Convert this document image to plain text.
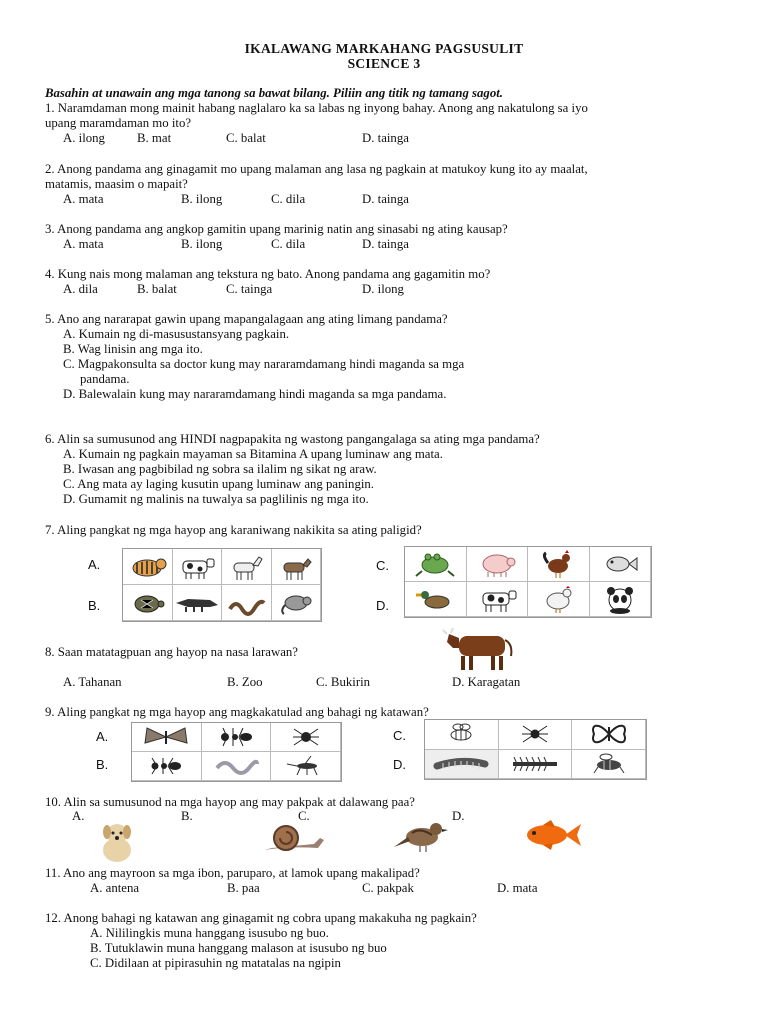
IKALAWANG MARKAHANG PAGSUSULIT
SCIENCE 3
Basahin at unawain ang mga tanong sa bawat bilang. Piliin ang titik ng tamang sagot.
1. Naramdaman mong mainit habang naglalaro ka sa labas ng inyong bahay. Anong ang nakatulong sa iyo
upang maramdaman mo ito?
A. ilong	B. mat	C. balat	D. tainga
2. Anong pandama ang ginagamit mo upang malaman ang lasa ng pagkain at matukoy kung ito ay maalat,
matamis, maasim o mapait?
A. mata	B. ilong	C. dila	D. tainga
3. Anong pandama ang angkop gamitin upang marinig natin ang sinasabi ng ating kausap?
A. mata	B. ilong	C. dila	D. tainga
4. Kung nais mong malaman ang tekstura ng bato. Anong pandama ang gagamitin mo?
A. dila	B. balat	C. tainga	D. ilong
5. Ano ang nararapat gawin upang mapangalagaan ang ating limang pandama?
A. Kumain ng di-masusustansyang pagkain.
B. Wag linisin ang mga ito.
C. Magpakonsulta sa doctor kung may nararamdamang hindi maganda sa mga
pandama.
D. Balewalain kung may nararamdamang hindi maganda sa mga pandama.
6. Alin sa sumusunod ang HINDI nagpapakita ng wastong pangangalaga sa ating mga pandama?
A. Kumain ng pagkain mayaman sa Bitamina A upang luminaw ang mata.
B. Iwasan ang pagbibilad ng sobra sa ilalim ng sikat ng araw.
C. Ang mata ay laging kusutin upang luminaw ang paningin.
D. Gumamit ng malinis na tuwalya sa paglilinis ng mga ito.
7. Aling pangkat ng mga hayop ang karaniwang nakikita sa ating paligid?
A.
B.
C.
D.
8. Saan matatagpuan ang hayop na nasa larawan?
A. Tahanan	B. Zoo	C. Bukirin	D. Karagatan
9. Aling pangkat ng mga hayop ang magkakatulad ang bahagi ng katawan?
A.
B.
C.
D.
10. Alin sa sumusunod na mga hayop ang may pakpak at dalawang paa?
A.	B.	C.	D.
11. Ano ang mayroon sa mga ibon, paruparo, at lamok upang makalipad?
A. antena	B. paa	C. pakpak	D. mata
12. Anong bahagi ng katawan ang ginagamit ng cobra upang makakuha ng pagkain?
A. Nililingkis muna hanggang isusubo ng buo.
B. Tutuklawin muna hanggang malason at isusubo ng buo
C. Didilaan at pipirasuhin ng matatalas na ngipin
